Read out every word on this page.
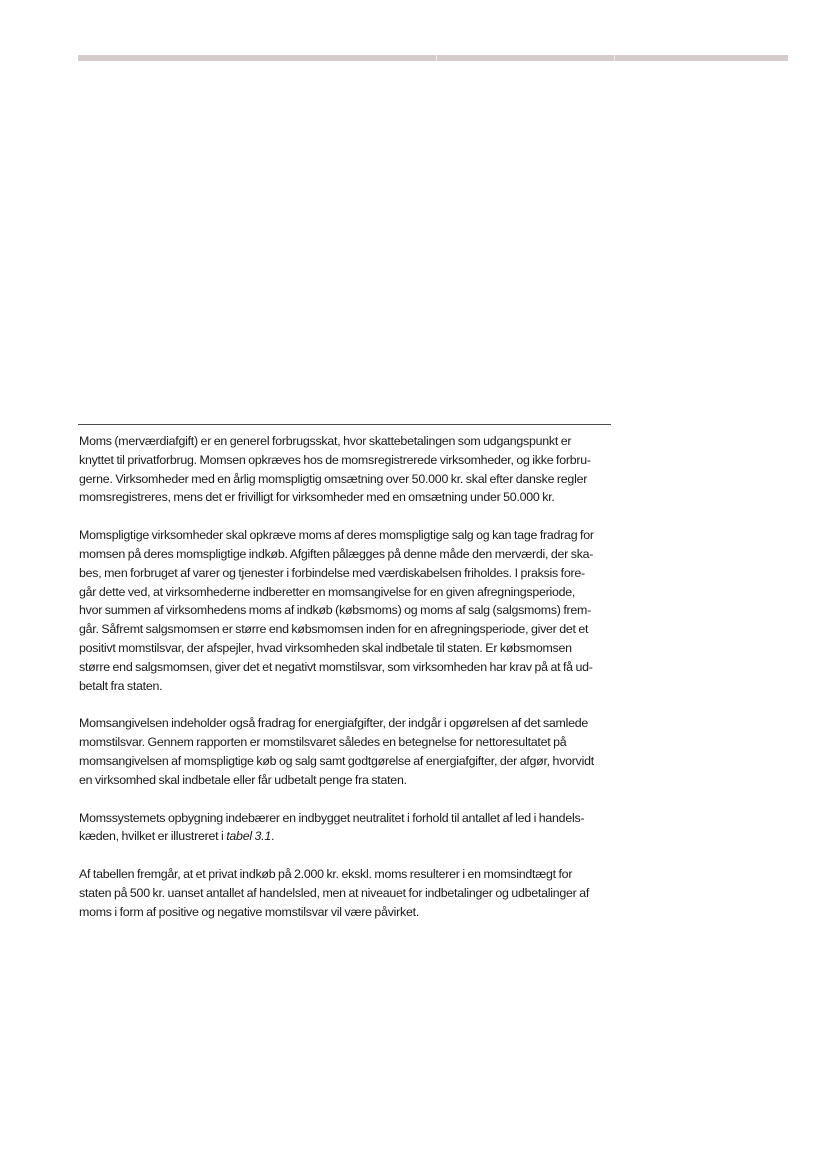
Moms (merværdiafgift) er en generel forbrugsskat, hvor skattebetalingen som udgangspunkt er
knyttet til privatforbrug. Momsen opkræves hos de momsregistrerede virksomheder, og ikke forbru-
gerne. Virksomheder med en årlig momspligtig omsætning over 50.000 kr. skal efter danske regler
momsregistreres, mens det er frivilligt for virksomheder med en omsætning under 50.000 kr.

Momspligtige virksomheder skal opkræve moms af deres momspligtige salg og kan tage fradrag for
momsen på deres momspligtige indkøb. Afgiften pålægges på denne måde den merværdi, der ska-
bes, men forbruget af varer og tjenester i forbindelse med værdiskabelsen friholdes. I praksis fore-
går dette ved, at virksomhederne indberetter en momsangivelse for en given afregningsperiode,
hvor summen af virksomhedens moms af indkøb (købsmoms) og moms af salg (salgsmoms) frem-
går. Såfremt salgsmomsen er større end købsmomsen inden for en afregningsperiode, giver det et
positivt momstilsvar, der afspejler, hvad virksomheden skal indbetale til staten. Er købsmomsen
større end salgsmomsen, giver det et negativt momstilsvar, som virksomheden har krav på at få ud-
betalt fra staten.

Momsangivelsen indeholder også fradrag for energiafgifter, der indgår i opgørelsen af det samlede
momstilsvar. Gennem rapporten er momstilsvaret således en betegnelse for nettoresultatet på
momsangivelsen af momspligtige køb og salg samt godtgørelse af energiafgifter, der afgør, hvorvidt
en virksomhed skal indbetale eller får udbetalt penge fra staten.

Momssystemets opbygning indebærer en indbygget neutralitet i forhold til antallet af led i handels-
kæden, hvilket er illustreret i tabel 3.1.

Af tabellen fremgår, at et privat indkøb på 2.000 kr. ekskl. moms resulterer i en momsindtægt for
staten på 500 kr. uanset antallet af handelsled, men at niveauet for indbetalinger og udbetalinger af
moms i form af positive og negative momstilsvar vil være påvirket.
